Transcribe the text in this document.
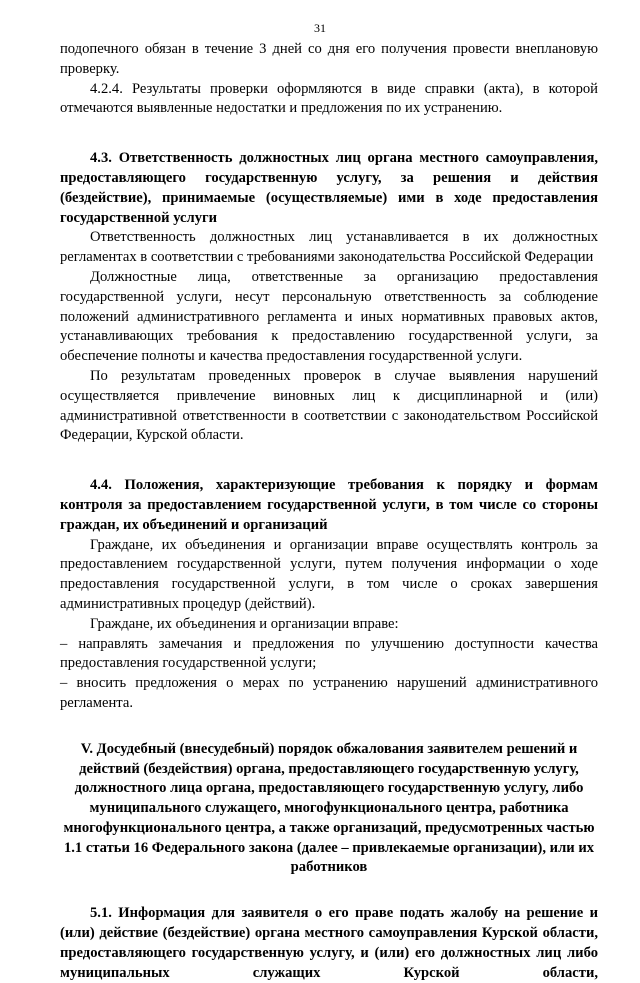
31

подопечного обязан в течение 3 дней со дня его получения провести внеплановую проверку.

4.2.4. Результаты проверки оформляются в виде справки (акта), в которой отмечаются выявленные недостатки и предложения по их устранению.

4.3. Ответственность должностных лиц органа местного самоуправления, предоставляющего государственную услугу, за решения и действия (бездействие), принимаемые (осуществляемые) ими в ходе предоставления государственной услуги

Ответственность должностных лиц устанавливается в их должностных регламентах в соответствии с требованиями законодательства Российской Федерации

Должностные лица, ответственные за организацию предоставления государственной услуги, несут персональную ответственность за соблюдение положений административного регламента и иных нормативных правовых актов, устанавливающих требования к предоставлению государственной услуги, за обеспечение полноты и качества предоставления государственной услуги.

По результатам проведенных проверок в случае выявления нарушений осуществляется привлечение виновных лиц к дисциплинарной и (или) административной ответственности в соответствии с законодательством Российской Федерации, Курской области.

4.4. Положения, характеризующие требования к порядку и формам контроля за предоставлением государственной услуги, в том числе со стороны граждан, их объединений и организаций

Граждане, их объединения и организации вправе осуществлять контроль за предоставлением государственной услуги, путем получения информации о ходе предоставления государственной услуги, в том числе о сроках завершения административных процедур (действий).

Граждане, их объединения и организации вправе:

– направлять замечания и предложения по улучшению доступности качества предоставления государственной услуги;

– вносить предложения о мерах по устранению нарушений административного регламента.

V. Досудебный (внесудебный) порядок обжалования заявителем решений и действий (бездействия) органа, предоставляющего государственную услугу, должностного лица органа, предоставляющего государственную услугу, либо муниципального служащего, многофункционального центра, работника многофункционального центра, а также организаций, предусмотренных частью 1.1 статьи 16 Федерального закона (далее – привлекаемые организации), или их работников

5.1. Информация для заявителя о его праве подать жалобу на решение и (или) действие (бездействие) органа местного самоуправления Курской области, предоставляющего государственную услугу, и (или) его должностных лиц либо муниципальных служащих Курской области,
